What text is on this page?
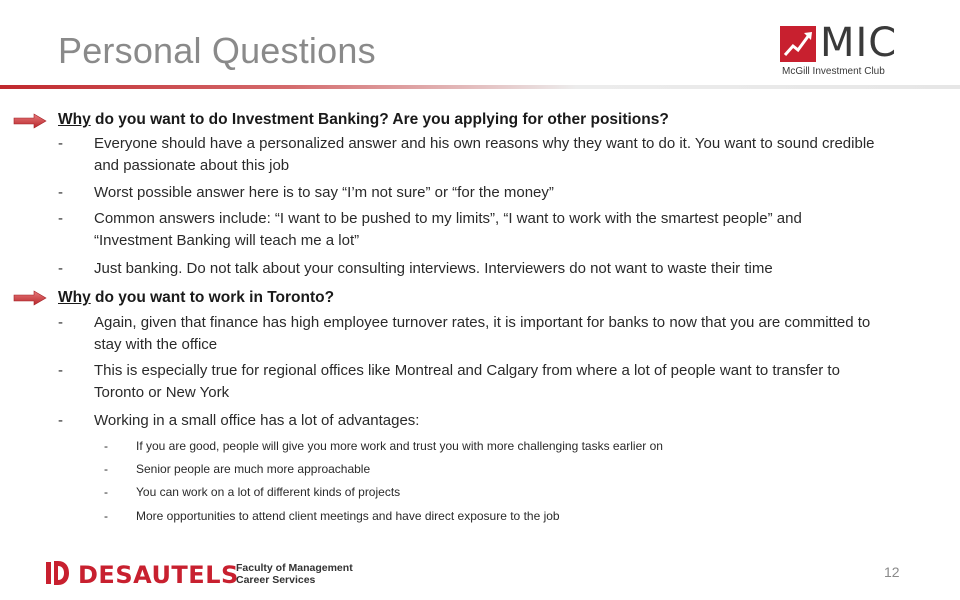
Personal Questions	MIC
McGill Investment Club
Why do you want to do Investment Banking? Are you applying for other positions?
-	Everyone should have a personalized answer and his own reasons why they want to do it. You want to sound credible and passionate about this job
-	Worst possible answer here is to say “I’m not sure” or “for the money”
-	Common answers include: “I want to be pushed to my limits”, “I want to work with the smartest people” and “Investment Banking will teach me a lot”
-	Just banking. Do not talk about your consulting interviews. Interviewers do not want to waste their time
Why do you want to work in Toronto?
-	Again, given that finance has high employee turnover rates, it is important for banks to now that you are committed to stay with the office
-	This is especially true for regional offices like Montreal and Calgary from where a lot of people want to transfer to Toronto or New York
-	Working in a small office has a lot of advantages:
-	If you are good, people will give you more work and trust you with more challenging tasks earlier on
-	Senior people are much more approachable
-	You can work on a lot of different kinds of projects
-	More opportunities to attend client meetings and have direct exposure to the job
DESAUTELS
Faculty of Management
Career Services	12
